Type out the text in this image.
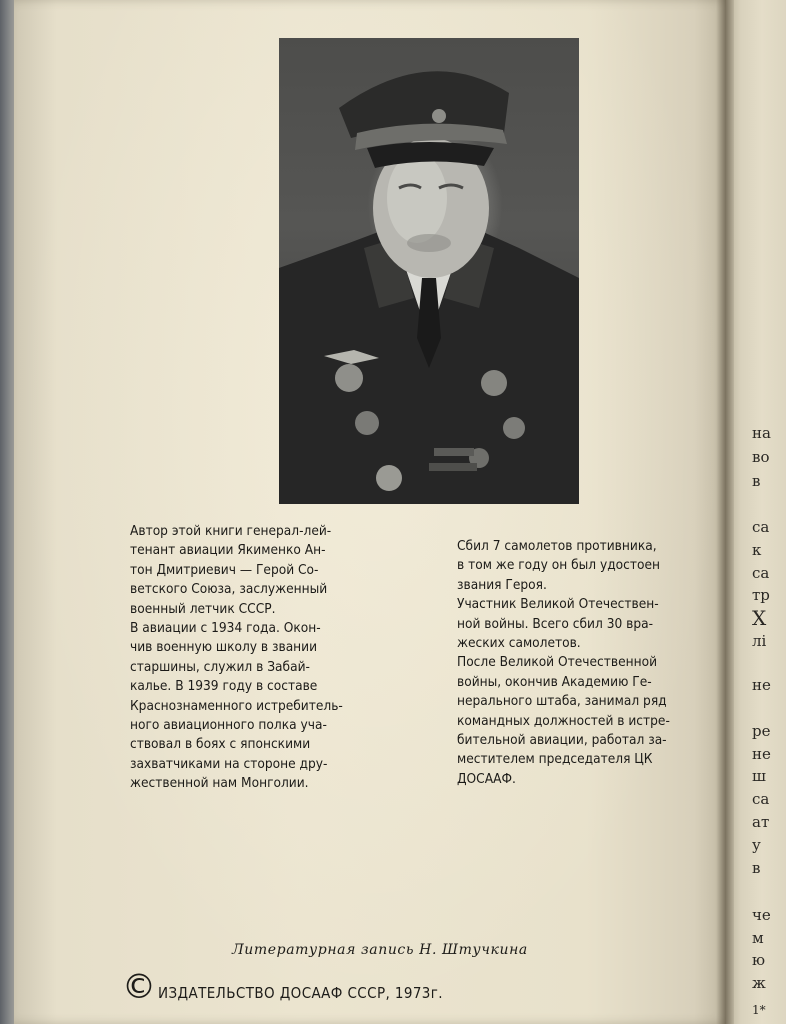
Автор этой книги генерал-лей-
тенант авиации Якименко Ан-
тон Дмитриевич — Герой Со-
ветского Союза, заслуженный
военный летчик СССР.

В авиации с 1934 года. Окон-
чив военную школу в звании
старшины, служил в Забай-
калье. В 1939 году в составе
Краснознаменного истребитель-
ного авиационного полка уча-
ствовал в боях с японскими
захватчиками на стороне дру-
жественной нам Монголии.

Сбил 7 самолетов противника,
в том же году он был удостоен
звания Героя.

Участник Великой Отечествен-
ной войны. Всего сбил 30 вра-
жеских самолетов.

После Великой Отечественной
войны, окончив Академию Ге-
нерального штаба, занимал ряд
командных должностей в истре-
бительной авиации, работал за-
местителем председателя ЦК
ДОСААФ.

Литературная запись Н. Штучкина

© ИЗДАТЕЛЬСТВО ДОСААФ СССР, 1973г.
на
во
в
са
к
са
тр
Х
лі
не
ре
не
ш
са
ат
у
в
че
м
ю
ж
1*
